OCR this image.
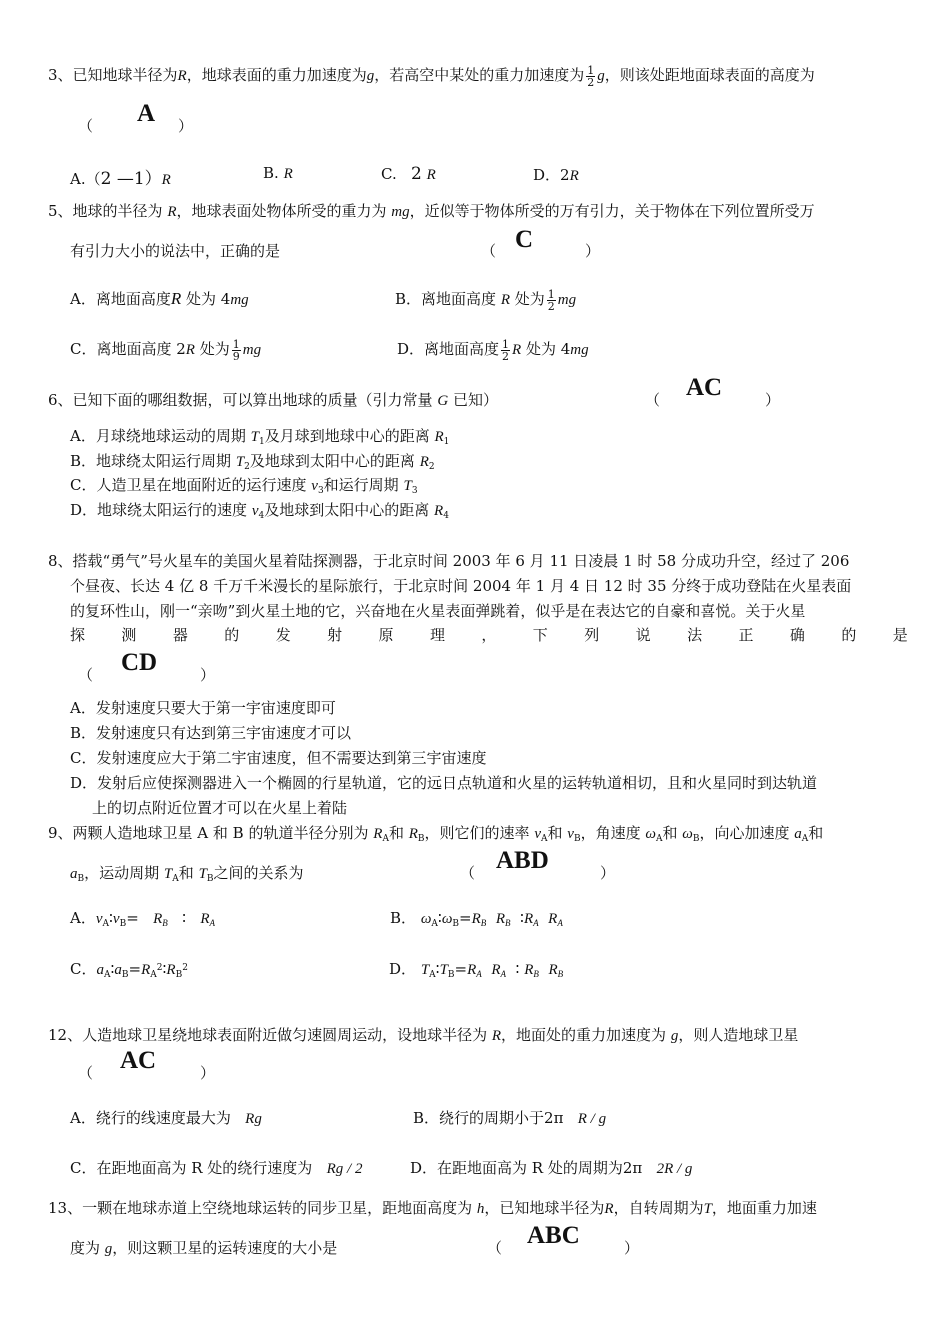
3、已知地球半径为R，地球表面的重力加速度为g，若高空中某处的重力加速度为 $\frac{1}{2}$ g，则该处距地面球表面的高度为
（ A ）
A.（2 —1）R	B. R	C. 2 R	D．2R
5、地球的半径为 R，地球表面处物体所受的重力为 mg，近似等于物体所受的万有引力，关于物体在下列位置所受万
有引力大小的说法中，正确的是	（ C	）
A．离地面高度R 处为 4mg	B．离地面高度 R 处为 $\frac{1}{2}$ mg
C．离地面高度 2R 处为 $\frac{1}{9}$ mg	D．离地面高度 $\frac{1}{2}$ R 处为 4mg
6、已知下面的哪组数据，可以算出地球的质量（引力常量 G 已知）	（ AC	）
A．月球绕地球运动的周期 $T_1$及月球到地球中心的距离 $R_1$
B．地球绕太阳运行周期 $T_2$及地球到太阳中心的距离 $R_2$
C．人造卫星在地面附近的运行速度 $v_3$和运行周期 $T_3$
D．地球绕太阳运行的速度 $v_4$及地球到太阳中心的距离 $R_4$
8、搭载“勇气”号火星车的美国火星着陆探测器，于北京时间 2003 年 6 月 11 日凌晨 1 时 58 分成功升空，经过了 206
个昼夜、长达 4 亿 8 千万千米漫长的星际旅行，于北京时间 2004 年 1 月 4 日 12 时 35 分终于成功登陆在火星表面
的复环性山，刚一“亲吻”到火星土地的它，兴奋地在火星表面弹跳着，似乎是在表达它的自豪和喜悦。关于火星
探 测 器 的 发 射 原 理 ， 下 列 说 法 正 确 的 是
（ CD	）
A．发射速度只要大于第一宇宙速度即可
B．发射速度只有达到第三宇宙速度才可以
C．发射速度应大于第二宇宙速度，但不需要达到第三宇宙速度
D．发射后应使探测器进入一个椭圆的行星轨道，它的远日点轨道和火星的运转轨道相切，且和火星同时到达轨道
上的切点附近位置才可以在火星上着陆
9、两颗人造地球卫星 A 和 B 的轨道半径分别为 $R_A$和 $R_B$，则它们的速率 $v_A$和 $v_B$，角速度 $\omega_A$和 $\omega_B$，向心加速度 $a_A$和
$a_B$，运动周期 $T_A$和 $T_B$之间的关系为	（ ABD	）
A．$v_A∶v_B= R_B$ ∶ $R_A$	B． $\omega_A∶\omega_B=R_B$ $R_B$ $∶R_A$ $R_A$
C．$a_A∶a_B=R_A^2∶R_B^2$	D． $T_A∶T_B=R_A$ $R_A$ ∶ $R_B$ $R_B$
12、人造地球卫星绕地球表面附近做匀速圆周运动，设地球半径为 R，地面处的重力加速度为 g，则人造地球卫星
（ AC	）
A．绕行的线速度最大为 Rg	B．绕行的周期小于2π R / g
C．在距地面高为 R 处的绕行速度为 Rg / 2	D．在距地面高为 R 处的周期为2π 2R / g
13、一颗在地球赤道上空绕地球运转的同步卫星，距地面高度为 h，已知地球半径为R，自转周期为T，地面重力加速
度为 g，则这颗卫星的运转速度的大小是	（ ABC	）
